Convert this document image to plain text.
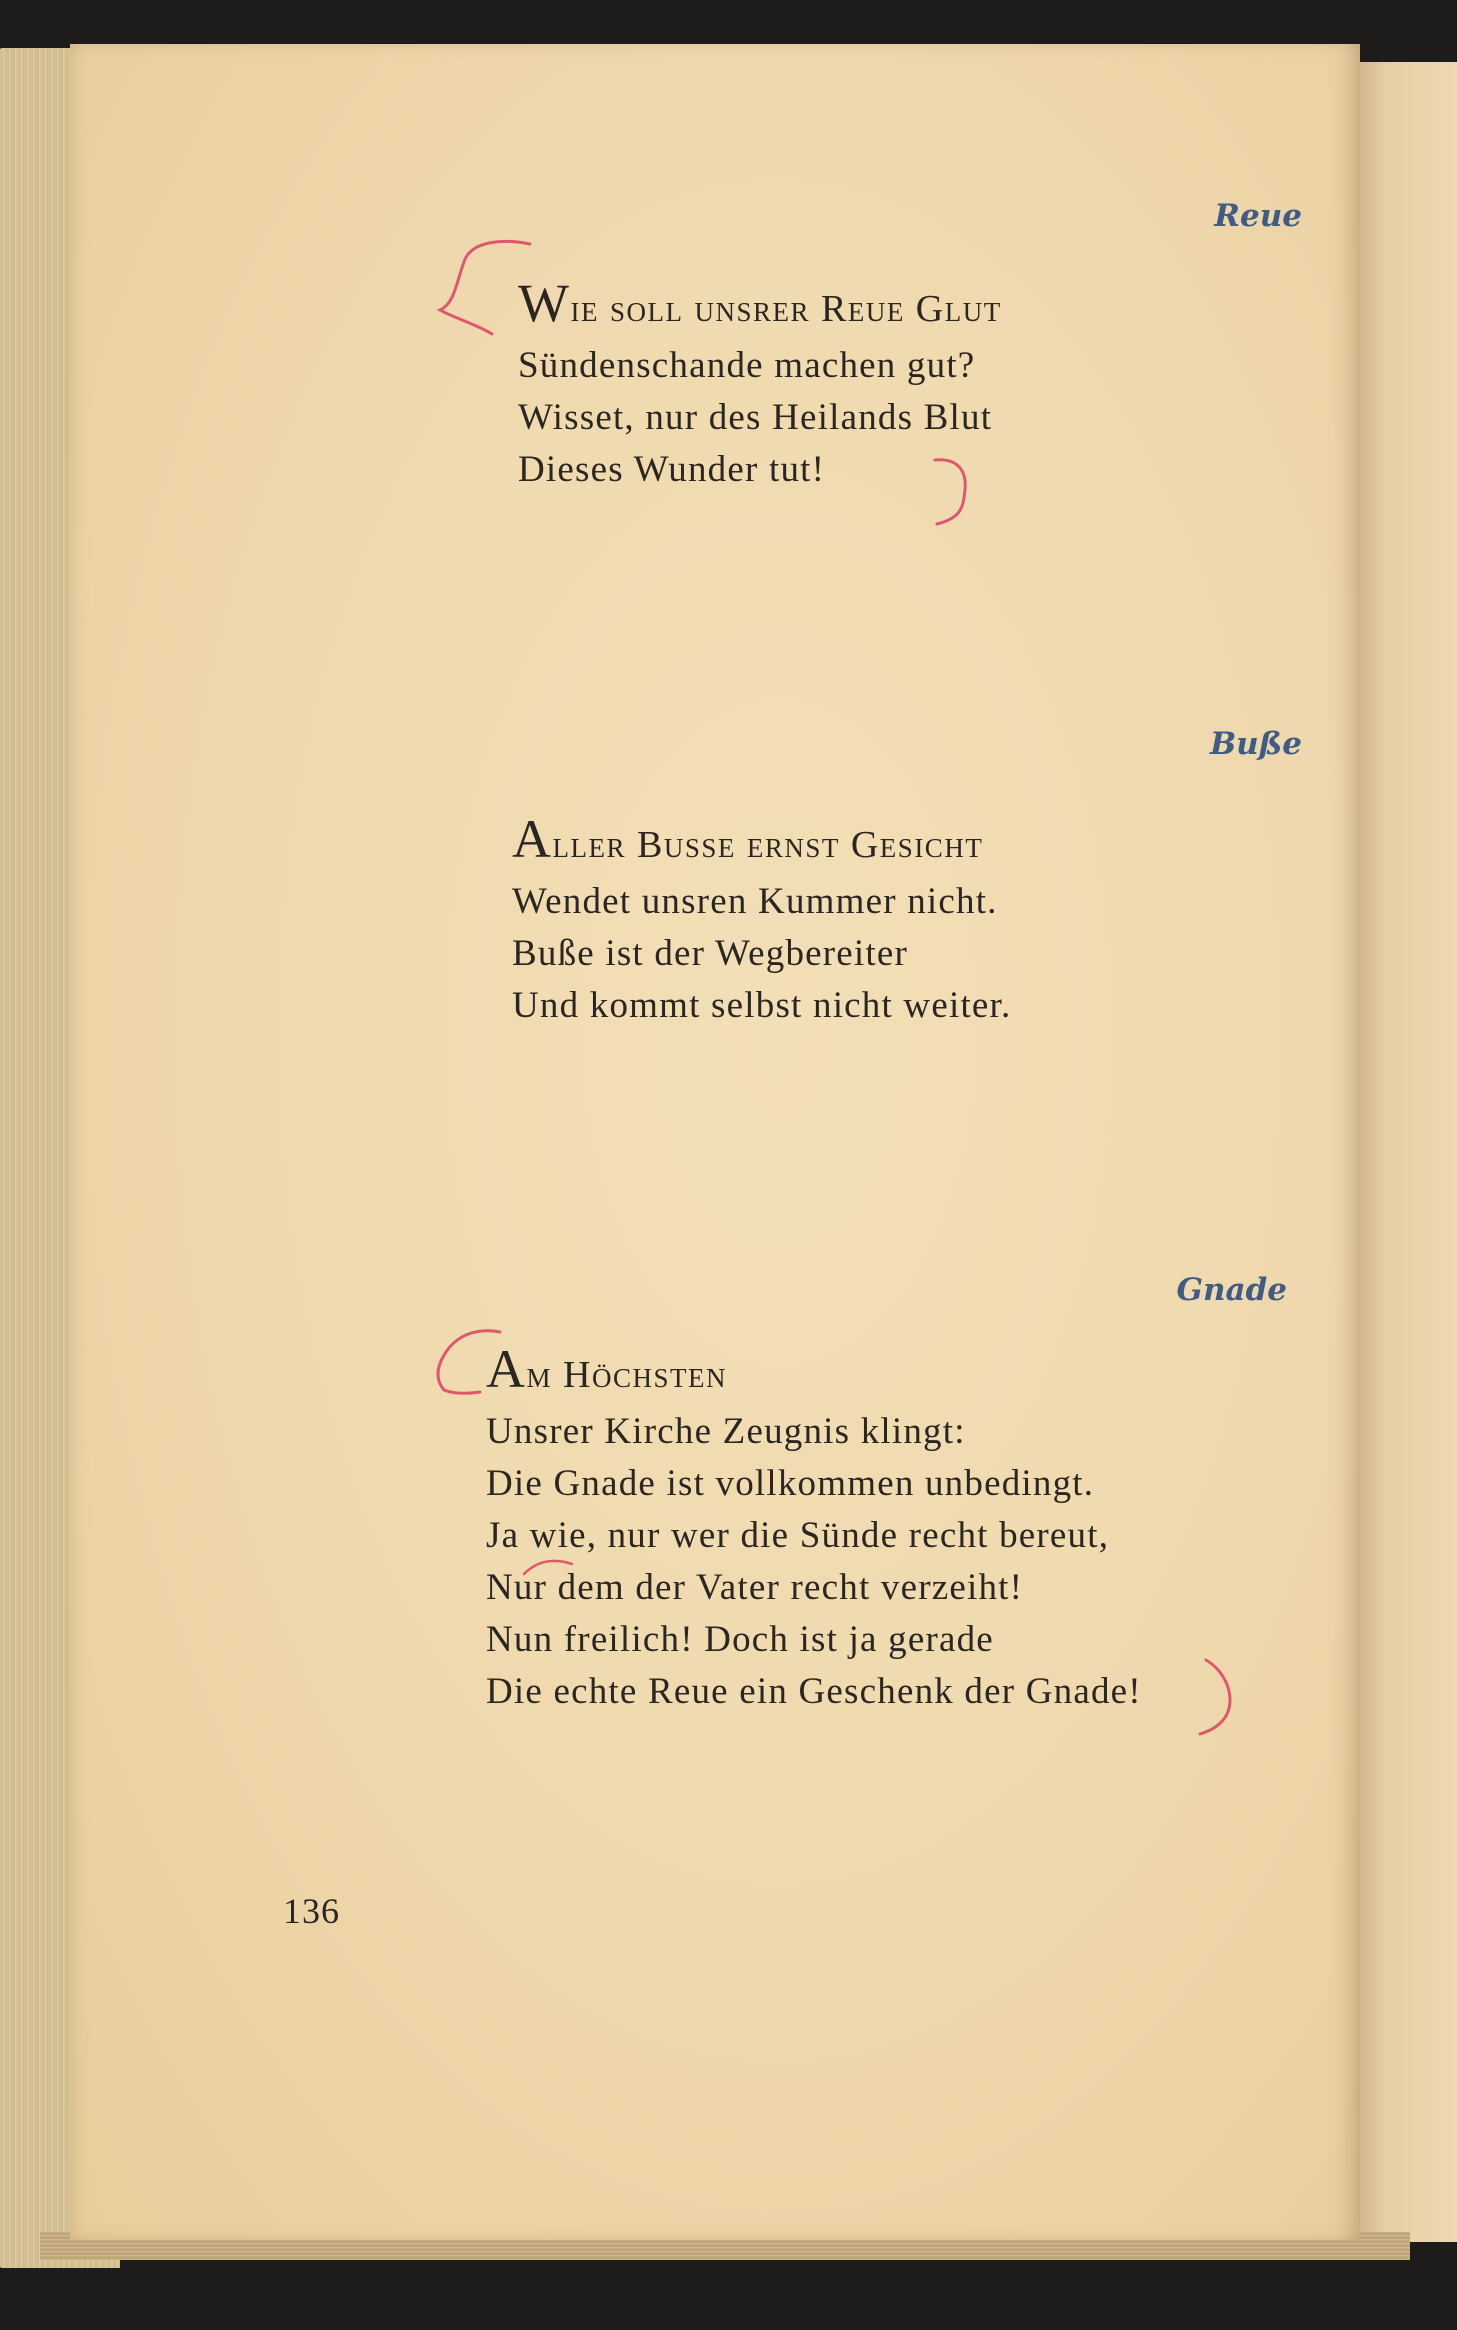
Reue
Wie soll unsrer Reue Glut
Sündenschande machen gut?
Wisset, nur des Heilands Blut
Dieses Wunder tut!
Buße
Aller Busse ernst Gesicht
Wendet unsren Kummer nicht.
Buße ist der Wegbereiter
Und kommt selbst nicht weiter.
Gnade
Am Höchsten
Unsrer Kirche Zeugnis klingt:
Die Gnade ist vollkommen unbedingt.
Ja wie, nur wer die Sünde recht bereut,
Nur dem der Vater recht verzeiht!
Nun freilich! Doch ist ja gerade
Die echte Reue ein Geschenk der Gnade!
136
